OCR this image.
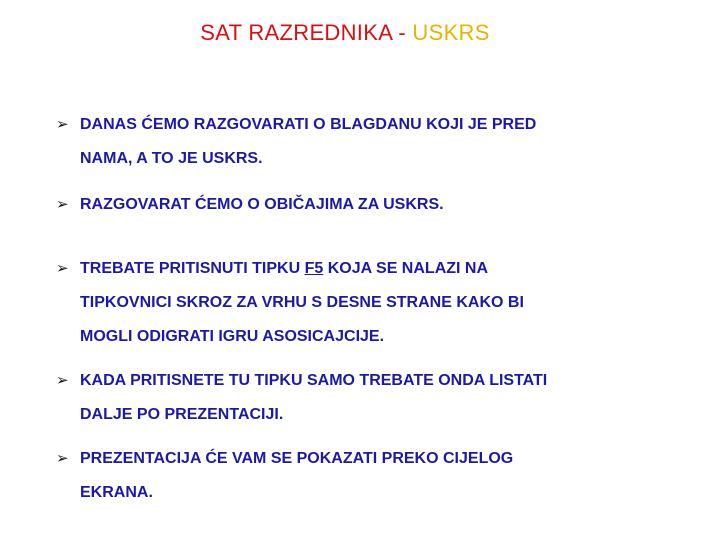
SAT RAZREDNIKA - USKRS
➢ DANAS ĆEMO RAZGOVARATI O BLAGDANU KOJI JE PRED
NAMA, A TO JE USKRS.
➢ RAZGOVARAT ĆEMO O OBIČAJIMA ZA USKRS.
➢ TREBATE PRITISNUTI TIPKU F5 KOJA SE NALAZI NA
TIPKOVNICI SKROZ ZA VRHU S DESNE STRANE KAKO BI
MOGLI ODIGRATI IGRU ASOSICAJCIJE.
➢ KADA PRITISNETE TU TIPKU SAMO TREBATE ONDA LISTATI
DALJE PO PREZENTACIJI.
➢ PREZENTACIJA ĆE VAM SE POKAZATI PREKO CIJELOG
EKRANA.
